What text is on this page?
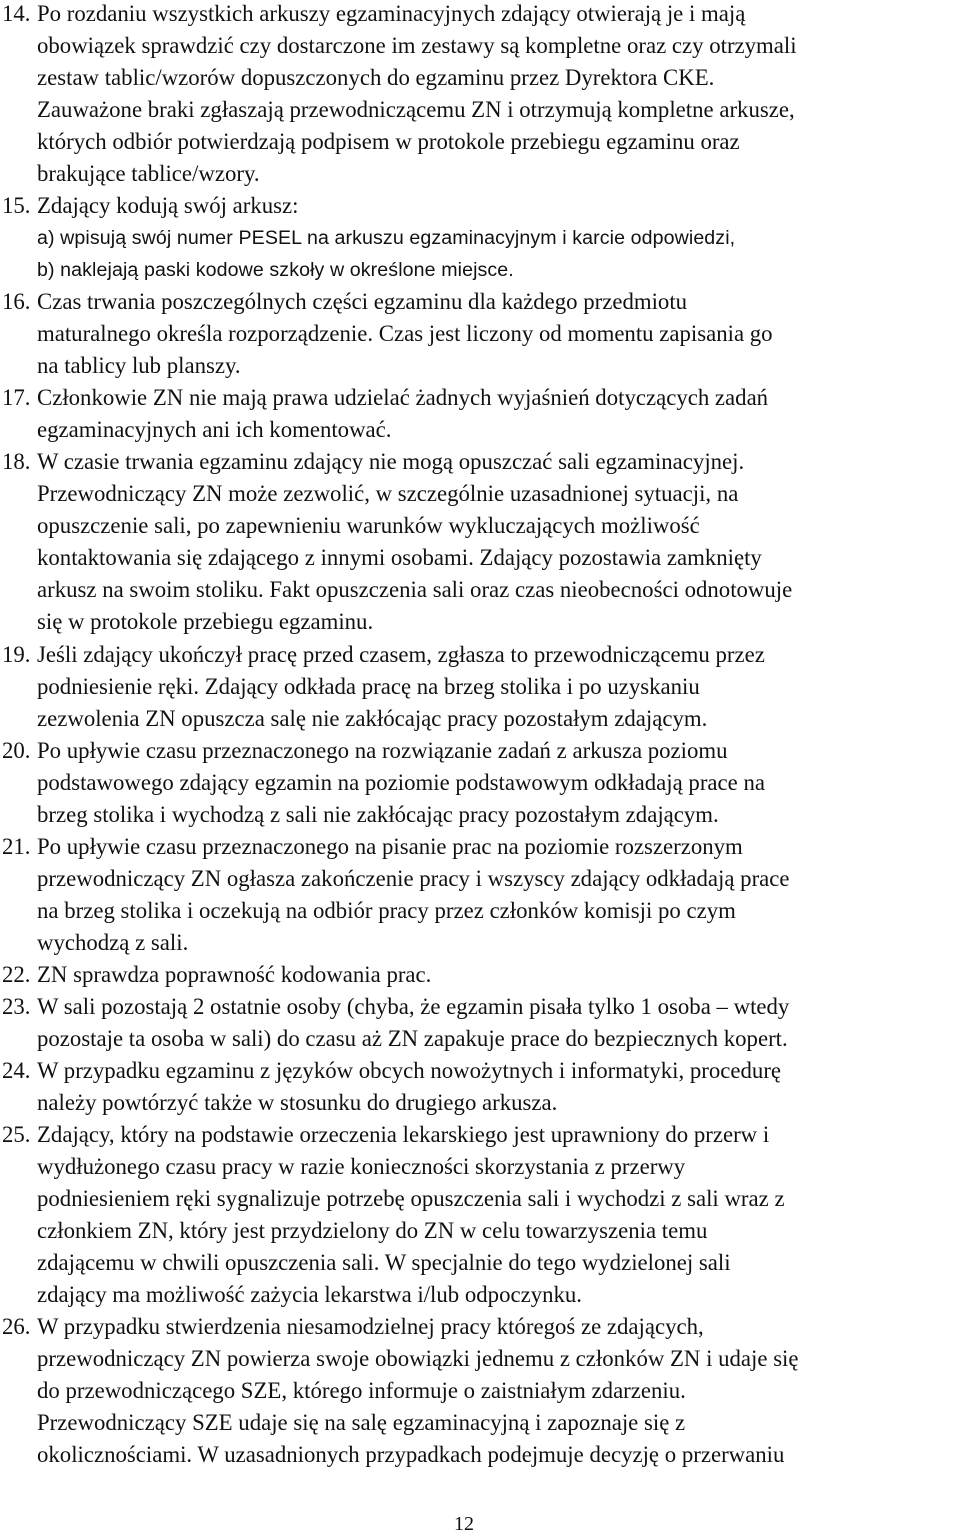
14. Po rozdaniu wszystkich arkuszy egzaminacyjnych zdający otwierają je i mają
obowiązek sprawdzić czy dostarczone im zestawy są kompletne oraz czy otrzymali
zestaw tablic/wzorów dopuszczonych do egzaminu przez Dyrektora CKE.
Zauważone braki zgłaszają przewodniczącemu ZN i otrzymują kompletne arkusze,
których odbiór potwierdzają podpisem w protokole przebiegu egzaminu oraz
brakujące tablice/wzory.
15. Zdający kodują swój arkusz:
a) wpisują swój numer PESEL na arkuszu egzaminacyjnym i karcie odpowiedzi,
b) naklejają paski kodowe szkoły w określone miejsce.
16. Czas trwania poszczególnych części egzaminu dla każdego przedmiotu
maturalnego określa rozporządzenie. Czas jest liczony od momentu zapisania go
na tablicy lub planszy.
17. Członkowie ZN nie mają prawa udzielać żadnych wyjaśnień dotyczących zadań
egzaminacyjnych ani ich komentować.
18. W czasie trwania egzaminu zdający nie mogą opuszczać sali egzaminacyjnej.
Przewodniczący ZN może zezwolić, w szczególnie uzasadnionej sytuacji, na
opuszczenie sali, po zapewnieniu warunków wykluczających możliwość
kontaktowania się zdającego z innymi osobami. Zdający pozostawia zamknięty
arkusz na swoim stoliku. Fakt opuszczenia sali oraz czas nieobecności odnotowuje
się w protokole przebiegu egzaminu.
19. Jeśli zdający ukończył pracę przed czasem, zgłasza to przewodniczącemu przez
podniesienie ręki. Zdający odkłada pracę na brzeg stolika i po uzyskaniu
zezwolenia ZN opuszcza salę nie zakłócając pracy pozostałym zdającym.
20. Po upływie czasu przeznaczonego na rozwiązanie zadań z arkusza poziomu
podstawowego zdający egzamin na poziomie podstawowym odkładają prace na
brzeg stolika i wychodzą z sali nie zakłócając pracy pozostałym zdającym.
21. Po upływie czasu przeznaczonego na pisanie prac na poziomie rozszerzonym
przewodniczący ZN ogłasza zakończenie pracy i wszyscy zdający odkładają prace
na brzeg stolika i oczekują na odbiór pracy przez członków komisji po czym
wychodzą z sali.
22. ZN sprawdza poprawność kodowania prac.
23. W sali pozostają 2 ostatnie osoby (chyba, że egzamin pisała tylko 1 osoba – wtedy
pozostaje ta osoba w sali) do czasu aż ZN zapakuje prace do bezpiecznych kopert.
24. W przypadku egzaminu z języków obcych nowożytnych i informatyki, procedurę
należy powtórzyć także w stosunku do drugiego arkusza.
25. Zdający, który na podstawie orzeczenia lekarskiego jest uprawniony do przerw i
wydłużonego czasu pracy w razie konieczności skorzystania z przerwy
podniesieniem ręki sygnalizuje potrzebę opuszczenia sali i wychodzi z sali wraz z
członkiem ZN, który jest przydzielony do ZN w celu towarzyszenia temu
zdającemu w chwili opuszczenia sali. W specjalnie do tego wydzielonej sali
zdający ma możliwość zażycia lekarstwa i/lub odpoczynku.
26. W przypadku stwierdzenia niesamodzielnej pracy któregoś ze zdających,
przewodniczący ZN powierza swoje obowiązki jednemu z członków ZN i udaje się
do przewodniczącego SZE, którego informuje o zaistniałym zdarzeniu.
Przewodniczący SZE udaje się na salę egzaminacyjną i zapoznaje się z
okolicznościami. W uzasadnionych przypadkach podejmuje decyzję o przerwaniu
12
